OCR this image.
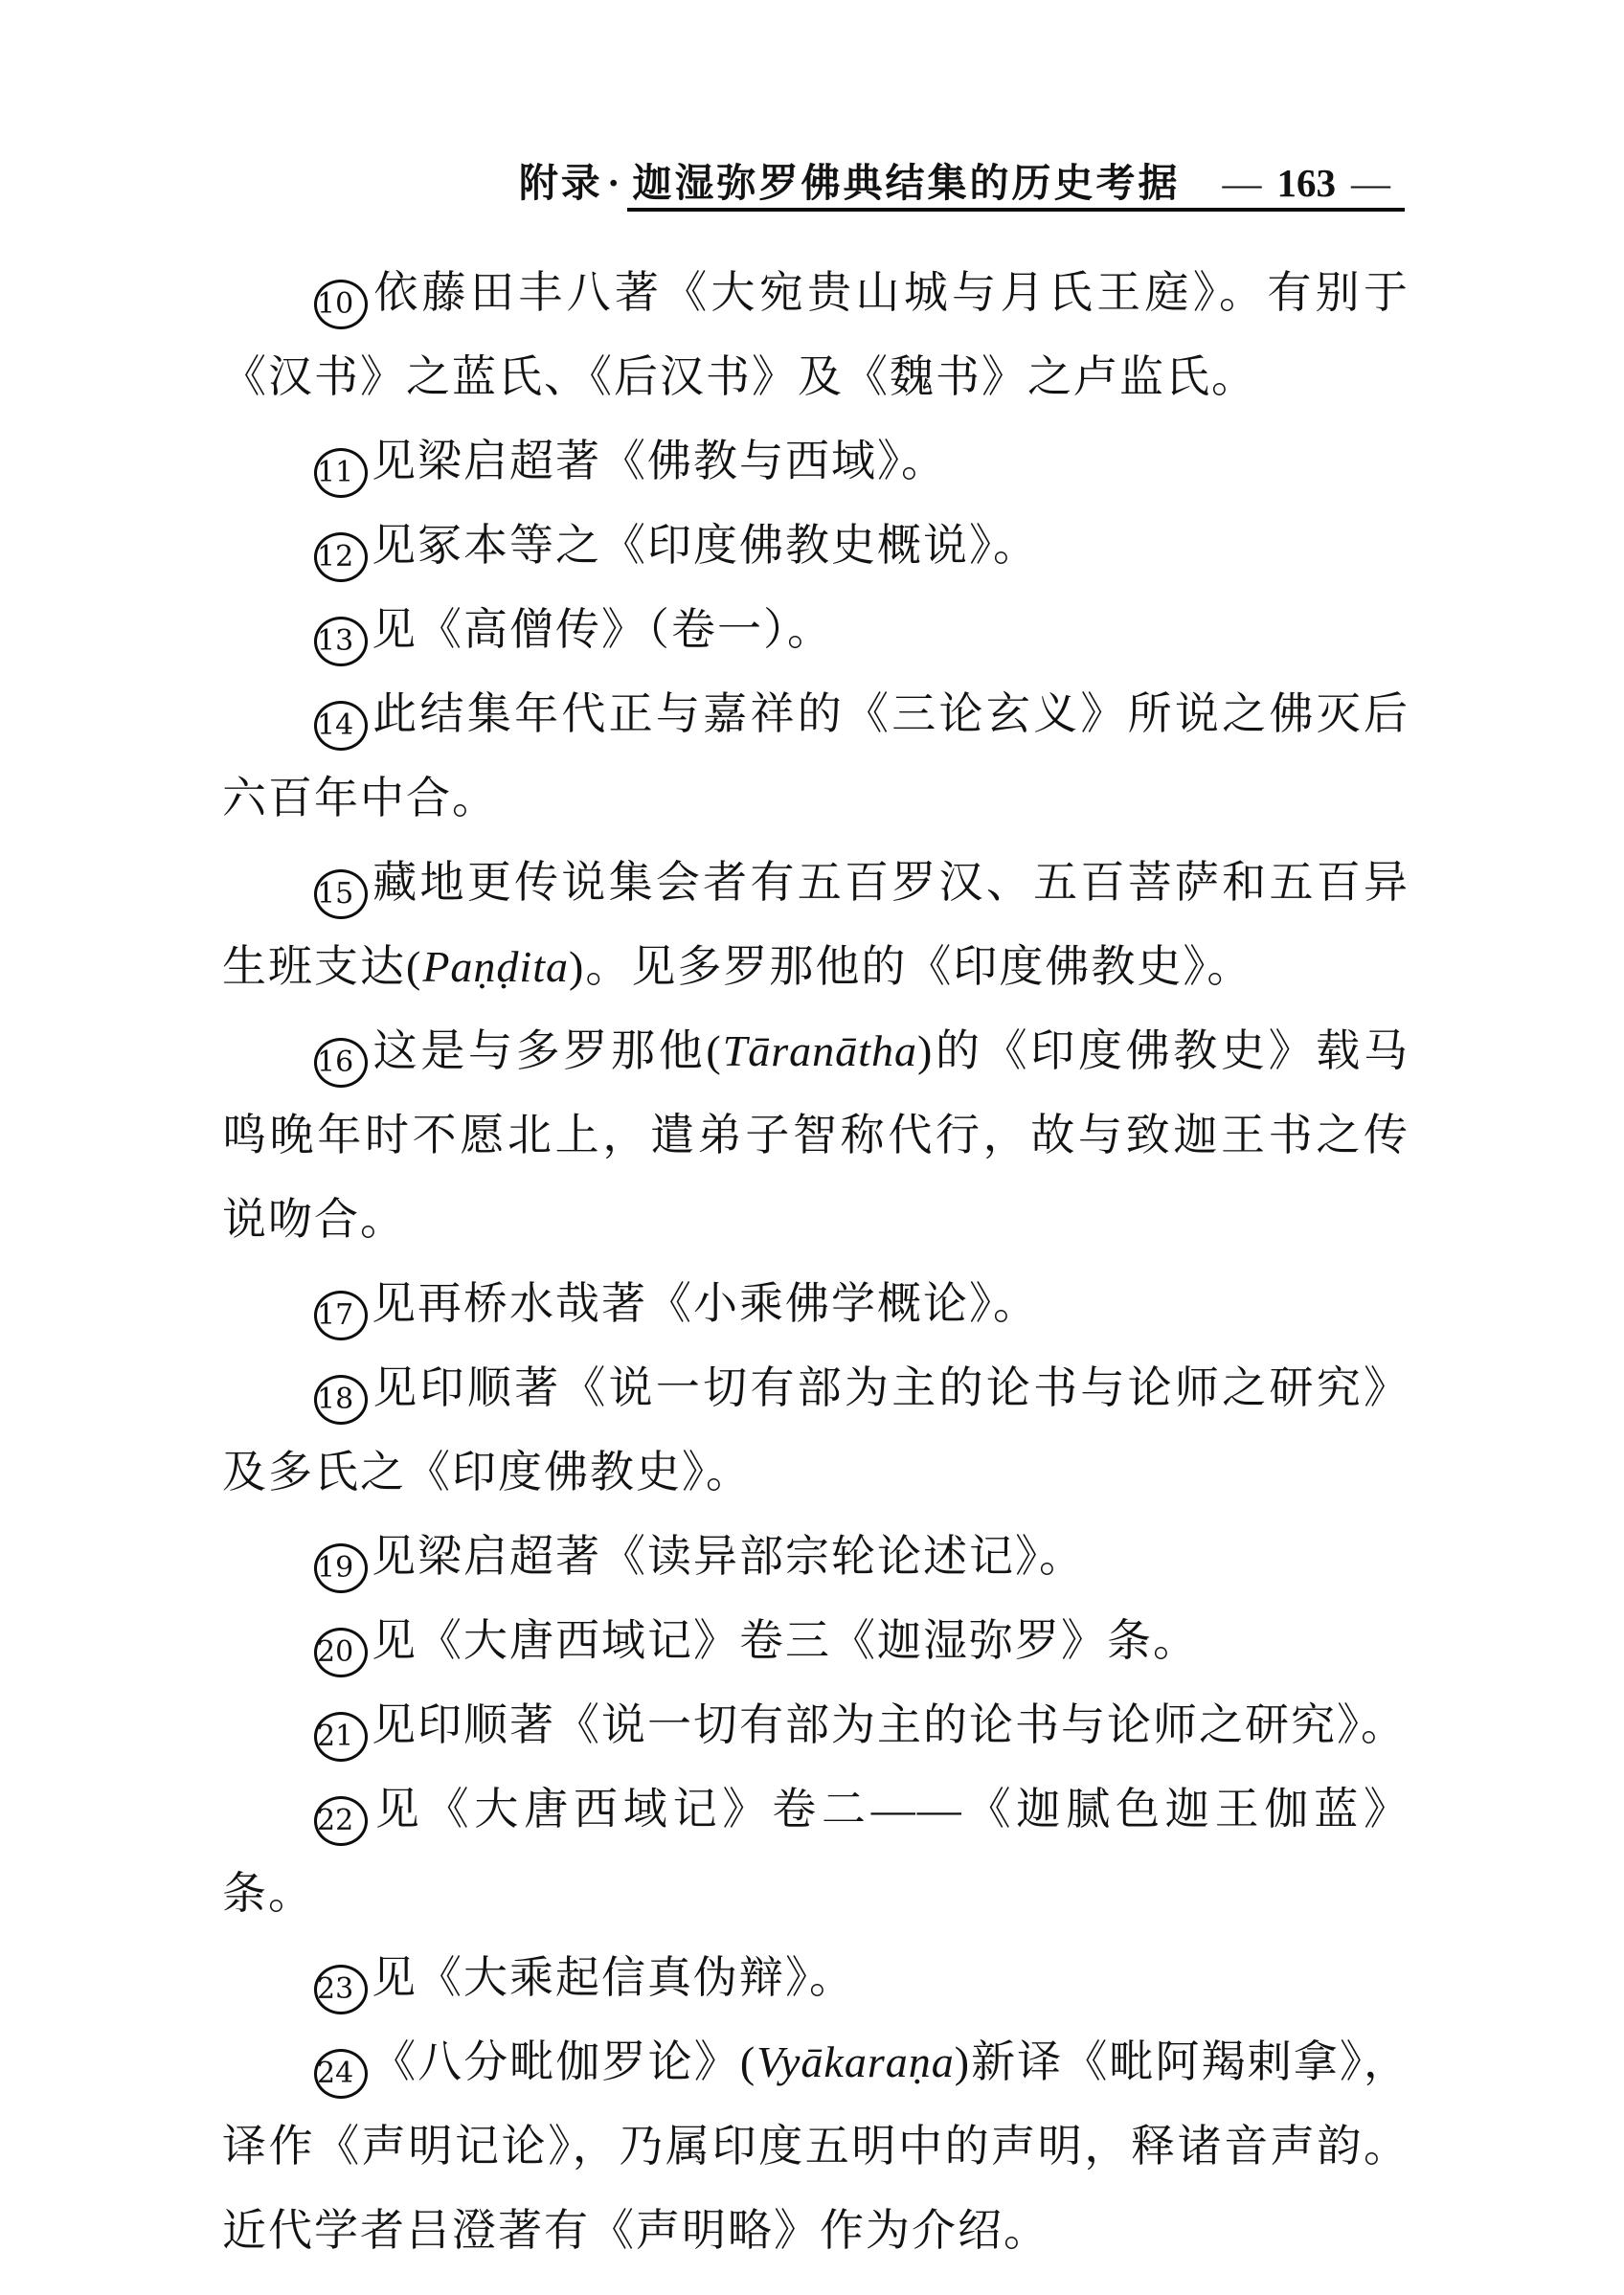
附录· 迦湿弥罗佛典结集的历史考据 — 163 —

10 依藤田丰八著《大宛贵山城与月氏王庭》。有别于《汉书》之蓝氏、《后汉书》及《魏书》之卢监氏。

11 见梁启超著《佛教与西域》。

12 见冢本等之《印度佛教史概说》。

13 见《高僧传》（卷一）。

14 此结集年代正与嘉祥的《三论玄义》所说之佛灭后六百年中合。

15 藏地更传说集会者有五百罗汉、五百菩萨和五百异生班支达(Paṇḍita)。见多罗那他的《印度佛教史》。

16 这是与多罗那他(Tāranātha)的《印度佛教史》载马鸣晚年时不愿北上，遣弟子智称代行，故与致迦王书之传说吻合。

17 见再桥水哉著《小乘佛学概论》。

18 见印顺著《说一切有部为主的论书与论师之研究》及多氏之《印度佛教史》。

19 见梁启超著《读异部宗轮论述记》。

20 见《大唐西域记》卷三《迦湿弥罗》条。

21 见印顺著《说一切有部为主的论书与论师之研究》。

22 见《大唐西域记》卷二——《迦腻色迦王伽蓝》条。

23 见《大乘起信真伪辩》。

24 《八分毗伽罗论》(Vyākaraṇa)新译《毗阿羯剌拿》，译作《声明记论》，乃属印度五明中的声明，释诸音声韵。近代学者吕澄著有《声明略》作为介绍。
